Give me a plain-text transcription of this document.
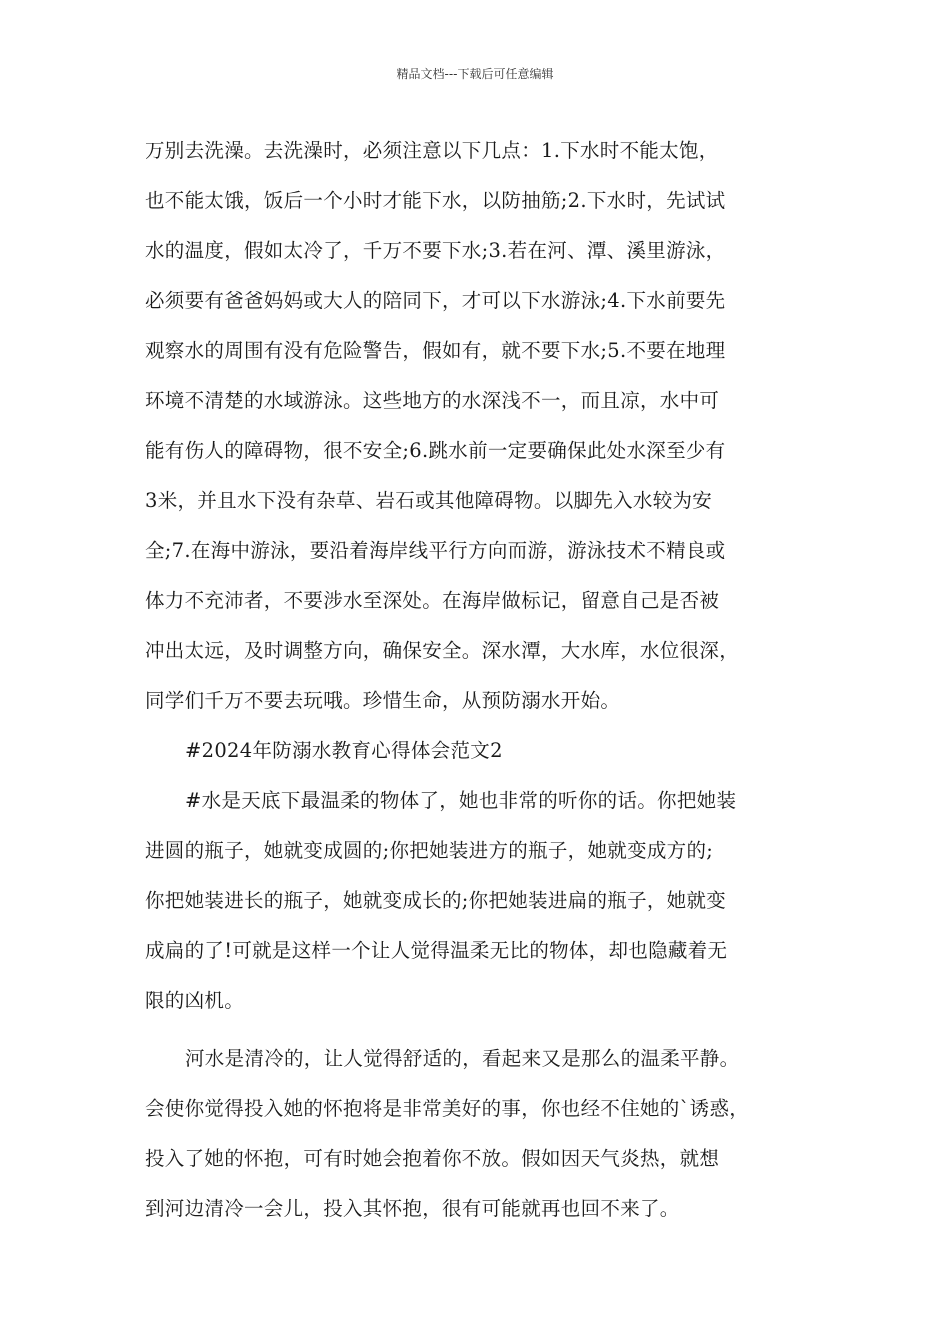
精品文档---下载后可任意编辑
万别去洗澡。去洗澡时，必须注意以下几点：1.下水时不能太饱，
也不能太饿，饭后一个小时才能下水，以防抽筋;2.下水时，先试试
水的温度，假如太冷了，千万不要下水;3.若在河、潭、溪里游泳，
必须要有爸爸妈妈或大人的陪同下，才可以下水游泳;4.下水前要先
观察水的周围有没有危险警告，假如有，就不要下水;5.不要在地理
环境不清楚的水域游泳。这些地方的水深浅不一，而且凉，水中可
能有伤人的障碍物，很不安全;6.跳水前一定要确保此处水深至少有
3米，并且水下没有杂草、岩石或其他障碍物。以脚先入水较为安
全;7.在海中游泳，要沿着海岸线平行方向而游，游泳技术不精良或
体力不充沛者，不要涉水至深处。在海岸做标记，留意自己是否被
冲出太远，及时调整方向，确保安全。深水潭，大水库，水位很深，
同学们千万不要去玩哦。珍惜生命，从预防溺水开始。
#2024年防溺水教育心得体会范文2
#水是天底下最温柔的物体了，她也非常的听你的话。你把她装
进圆的瓶子，她就变成圆的;你把她装进方的瓶子，她就变成方的;
你把她装进长的瓶子，她就变成长的;你把她装进扁的瓶子，她就变
成扁的了!可就是这样一个让人觉得温柔无比的物体，却也隐藏着无
限的凶机。
河水是清冷的，让人觉得舒适的，看起来又是那么的温柔平静。
会使你觉得投入她的怀抱将是非常美好的事，你也经不住她的`诱惑，
投入了她的怀抱，可有时她会抱着你不放。假如因天气炎热，就想
到河边清冷一会儿，投入其怀抱，很有可能就再也回不来了。
